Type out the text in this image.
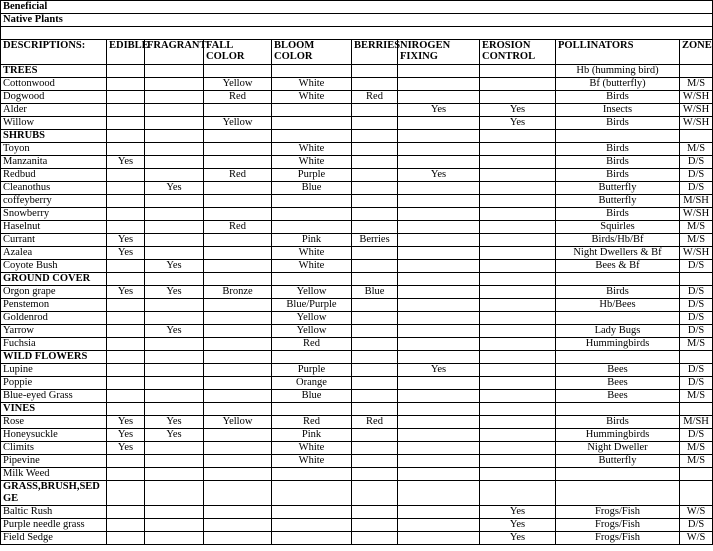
Beneficial									
Native Plants									

DESCRIPTIONS:	EDIBLE	FRAGRANT	FALL COLOR	BLOOM COLOR	BERRIES	NIROGEN FIXING	EROSION CONTROL	POLLINATORS	ZONE
TREES								Hb (humming bird)	
Cottonwood			Yellow	White				Bf (butterfly)	M/S
Dogwood			Red	White	Red			Birds	W/SH
Alder						Yes	Yes	Insects	W/SH
Willow			Yellow				Yes	Birds	W/SH
SHRUBS									
Toyon				White				Birds	M/S
Manzanita	Yes			White				Birds	D/S
Redbud			Red	Purple		Yes		Birds	D/S
Cleanothus		Yes		Blue				Butterfly	D/S
coffeyberry								Butterfly	M/SH
Snowberry								Birds	W/SH
Haselnut			Red					Squirles	M/S
Currant	Yes			Pink	Berries			Birds/Hb/Bf	M/S
Azalea	Yes			White				Night Dwellers & Bf	W/SH
Coyote Bush		Yes		White				Bees & Bf	D/S
GROUND COVER									
Orgon grape	Yes	Yes	Bronze	Yellow	Blue			Birds	D/S
Penstemon				Blue/Purple				Hb/Bees	D/S
Goldenrod				Yellow					D/S
Yarrow		Yes		Yellow				Lady Bugs	D/S
Fuchsia				Red				Hummingbirds	M/S
WILD FLOWERS									
Lupine				Purple		Yes		Bees	D/S
Poppie				Orange				Bees	D/S
Blue-eyed Grass				Blue				Bees	M/S
VINES									
Rose	Yes	Yes	Yellow	Red	Red			Birds	M/SH
Honeysuckle	Yes	Yes		Pink				Hummingbirds	D/S
Climits	Yes			White				Night Dweller	M/S
Pipevine				White				Butterfly	M/S
Milk Weed									
GRASS,BRUSH,SED GE									
Baltic Rush							Yes	Frogs/Fish	W/S
Purple needle grass							Yes	Frogs/Fish	D/S
Field Sedge							Yes	Frogs/Fish	W/S
